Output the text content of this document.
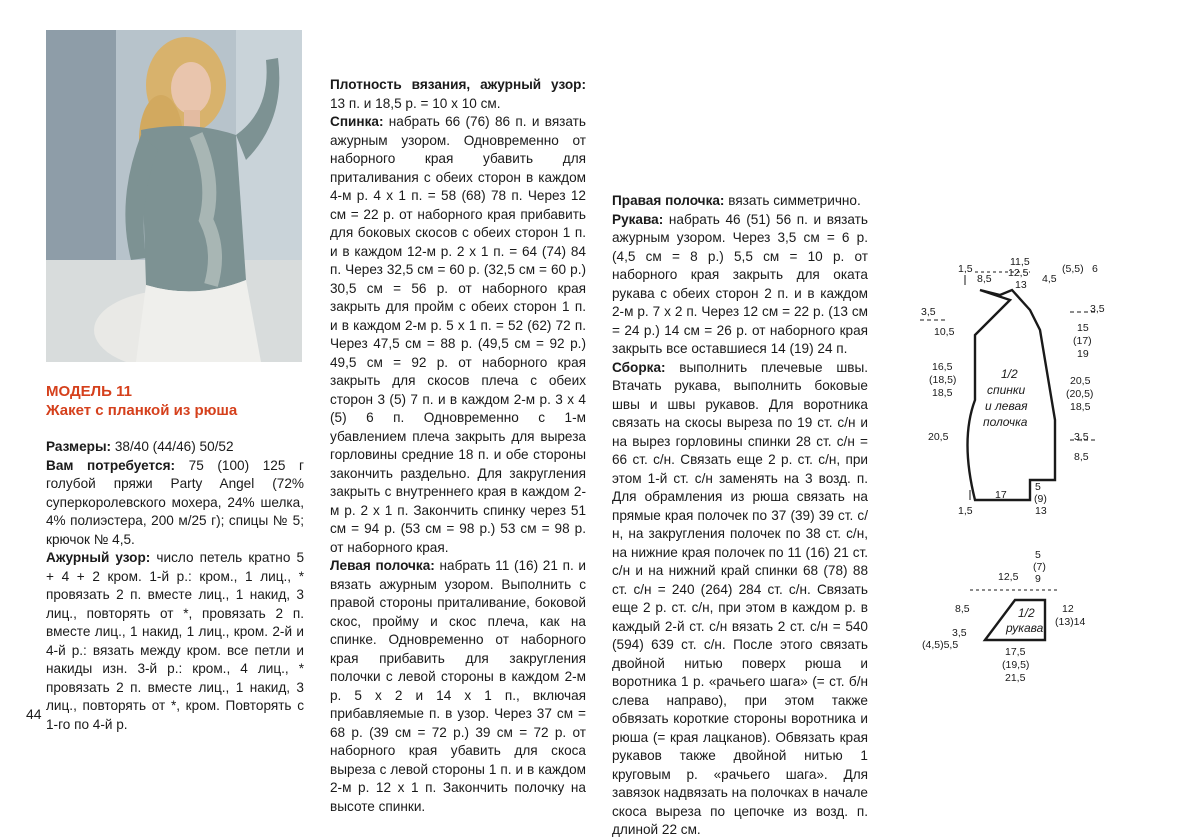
МОДЕЛЬ 11

Жакет с планкой из рюша

Размеры: 38/40 (44/46) 50/52

Вам потребуется: 75 (100) 125 г голубой пряжи Party Angel (72% суперкоролевского мохера, 24% шелка, 4% полиэстера, 200 м/25 г); спицы № 5; крючок № 4,5.

Ажурный узор: число петель кратно 5 + 4 + 2 кром. 1-й р.: кром., 1 лиц., * провязать 2 п. вместе лиц., 1 накид, 3 лиц., повторять от *, провязать 2 п. вместе лиц., 1 накид, 1 лиц., кром. 2-й и 4-й р.: вязать между кром. все петли и накиды изн. 3-й р.: кром., 4 лиц., * провязать 2 п. вместе лиц., 1 накид, 3 лиц., повторять от *, кром. Повторять с 1-го по 4-й р.

Плотность вязания, ажурный узор: 13 п. и 18,5 р. = 10 х 10 см.

Спинка: набрать 66 (76) 86 п. и вязать ажурным узором. Одновременно от наборного края убавить для приталивания с обеих сторон в каждом 4-м р. 4 х 1 п. = 58 (68) 78 п. Через 12 см = 22 р. от наборного края прибавить для боковых скосов с обеих сторон 1 п. и в каждом 12-м р. 2 х 1 п. = 64 (74) 84 п. Через 32,5 см = 60 р. (32,5 см = 60 р.) 30,5 см = 56 р. от наборного края закрыть для пройм с обеих сторон 1 п. и в каждом 2-м р. 5 х 1 п. = 52 (62) 72 п. Через 47,5 см = 88 р. (49,5 см = 92 р.) 49,5 см = 92 р. от наборного края закрыть для скосов плеча с обеих сторон 3 (5) 7 п. и в каждом 2-м р. 3 х 4 (5) 6 п. Одновременно с 1-м убавлением плеча закрыть для выреза горловины средние 18 п. и обе стороны закончить раздельно. Для закругления закрыть с внутреннего края в каждом 2-м р. 2 х 1 п. Закончить спинку через 51 см = 94 р. (53 см = 98 р.) 53 см = 98 р. от наборного края.

Левая полочка: набрать 11 (16) 21 п. и вязать ажурным узором. Выполнить с правой стороны приталивание, боковой скос, пройму и скос плеча, как на спинке. Одновременно от наборного края прибавить для закругления полочки с левой стороны в каждом 2-м р. 5 х 2 и 14 х 1 п., включая прибавляемые п. в узор. Через 37 см = 68 р. (39 см = 72 р.) 39 см = 72 р. от наборного края убавить для скоса выреза с левой стороны 1 п. и в каждом 2-м р. 12 х 1 п. Закончить полочку на высоте спинки.

Правая полочка: вязать симметрично.

Рукава: набрать 46 (51) 56 п. и вязать ажурным узором. Через 3,5 см = 6 р. (4,5 см = 8 р.) 5,5 см = 10 р. от наборного края закрыть для оката рукава с обеих сторон 2 п. и в каждом 2-м р. 7 х 2 п. Через 12 см = 22 р. (13 см = 24 р.) 14 см = 26 р. от наборного края закрыть все оставшиеся 14 (19) 24 п.

Сборка: выполнить плечевые швы. Втачать рукава, выполнить боковые швы и швы рукавов. Для воротника связать на скосы выреза по 19 ст. с/н и на вырез горловины спинки 28 ст. с/н = 66 ст. с/н. Связать еще 2 р. ст. с/н, при этом 1-й ст. с/н заменять на 3 возд. п. Для обрамления из рюша связать на прямые края полочек по 37 (39) 39 ст. с/н, на закругления полочек по 38 ст. с/н, на нижние края полочек по 11 (16) 21 ст. с/н и на нижний край спинки 68 (78) 88 ст. с/н = 240 (264) 284 ст. с/н. Связать еще 2 р. ст. с/н, при этом в каждом р. в каждый 2-й ст. с/н вязать 2 ст. с/н = 540 (594) 639 ст. с/н. После этого связать двойной нитью поверх рюша и воротника 1 р. «рачьего шага» (= ст. б/н слева направо), при этом также обвязать короткие стороны воротника и рюша (= края лацканов). Обвязать края рукавов также двойной нитью 1 круговым р. «рачьего шага». Для завязок надвязать на полочках в начале скоса выреза по цепочке из возд. п. длиной 22 см.

1/2
спинки
и левая
полочка
1,5
8,5
11,5
12,5
13 4,5
(5,5) 6
3,5
10,5
16,5
(18,5)
18,5
20,5
3,5
15
(17)
19
20,5
(20,5)
18,5
3,5
8,5
1,5
17
5
(9)
13
1/2
рукава
12,5
5
(7)
9
8,5
3,5
(4,5)5,5
12
(13)14
17,5
(19,5)
21,5
44
